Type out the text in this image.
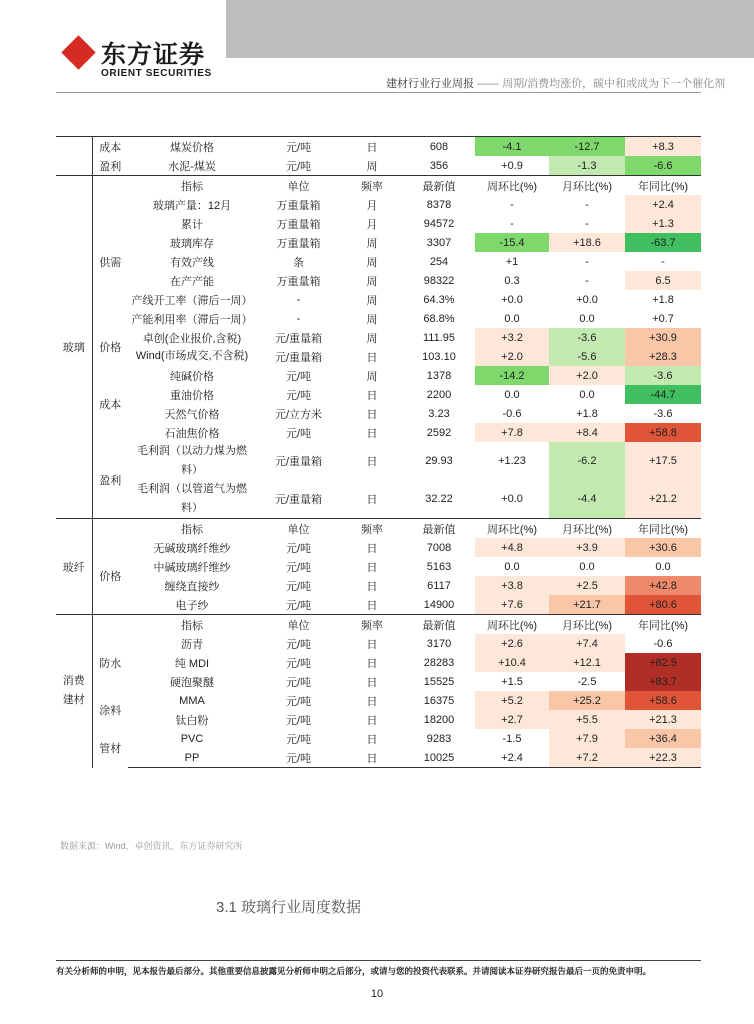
东方证券
ORIENT SECURITIES
建材行业行业周报 —— 周期/消费均涨价，碳中和或成为下一个催化剂
	成本	煤炭价格	元/吨	日	608	-4.1	-12.7	+8.3
	盈利	水泥-煤炭	元/吨	周	356	+0.9	-1.3	-6.6
玻璃		指标	单位	频率	最新值	周环比(%)	月环比(%)	年同比(%)
	供需	玻璃产量：12月	万重量箱	月	8378	-	-	+2.4
		累计	万重量箱	月	94572	-	-	+1.3
		玻璃库存	万重量箱	周	3307	-15.4	+18.6	-63.7
		有效产线	条	周	254	+1	-	-
		在产产能	万重量箱	周	98322	0.3	-	6.5
		产线开工率（滞后一周）	-	周	64.3%	+0.0	+0.0	+1.8
		产能利用率（滞后一周）	-	周	68.8%	0.0	0.0	+0.7
	价格	卓创(企业报价,含税)	元/重量箱	周	111.95	+3.2	-3.6	+30.9
		Wind(市场成交,不含税)	元/重量箱	日	103.10	+2.0	-5.6	+28.3
	成本	纯碱价格	元/吨	周	1378	-14.2	+2.0	-3.6
		重油价格	元/吨	日	2200	0.0	0.0	-44.7
		天然气价格	元/立方米	日	3.23	-0.6	+1.8	-3.6
		石油焦价格	元/吨	日	2592	+7.8	+8.4	+58.8
	盈利	毛利润（以动力煤为燃料）	元/重量箱	日	29.93	+1.23	-6.2	+17.5
		毛利润（以管道气为燃料）	元/重量箱	日	32.22	+0.0	-4.4	+21.2
玻纤		指标	单位	频率	最新值	周环比(%)	月环比(%)	年同比(%)
	价格	无碱玻璃纤维纱	元/吨	日	7008	+4.8	+3.9	+30.6
		中碱玻璃纤维纱	元/吨	日	5163	0.0	0.0	0.0
		缠绕直接纱	元/吨	日	6117	+3.8	+2.5	+42.8
		电子纱	元/吨	日	14900	+7.6	+21.7	+80.6
消费建材		指标	单位	频率	最新值	周环比(%)	月环比(%)	年同比(%)
	防水	沥青	元/吨	日	3170	+2.6	+7.4	-0.6
		纯 MDI	元/吨	日	28283	+10.4	+12.1	+82.5
		硬泡聚醚	元/吨	日	15525	+1.5	-2.5	+83.7
	涂料	MMA	元/吨	日	16375	+5.2	+25.2	+58.6
		钛白粉	元/吨	日	18200	+2.7	+5.5	+21.3
	管材	PVC	元/吨	日	9283	-1.5	+7.9	+36.4
		PP	元/吨	日	10025	+2.4	+7.2	+22.3
数据来源：Wind，卓创资讯，东方证券研究所
3.1 玻璃行业周度数据
有关分析师的申明，见本报告最后部分。其他重要信息披露见分析师申明之后部分，或请与您的投资代表联系。并请阅读本证券研究报告最后一页的免责申明。
10
